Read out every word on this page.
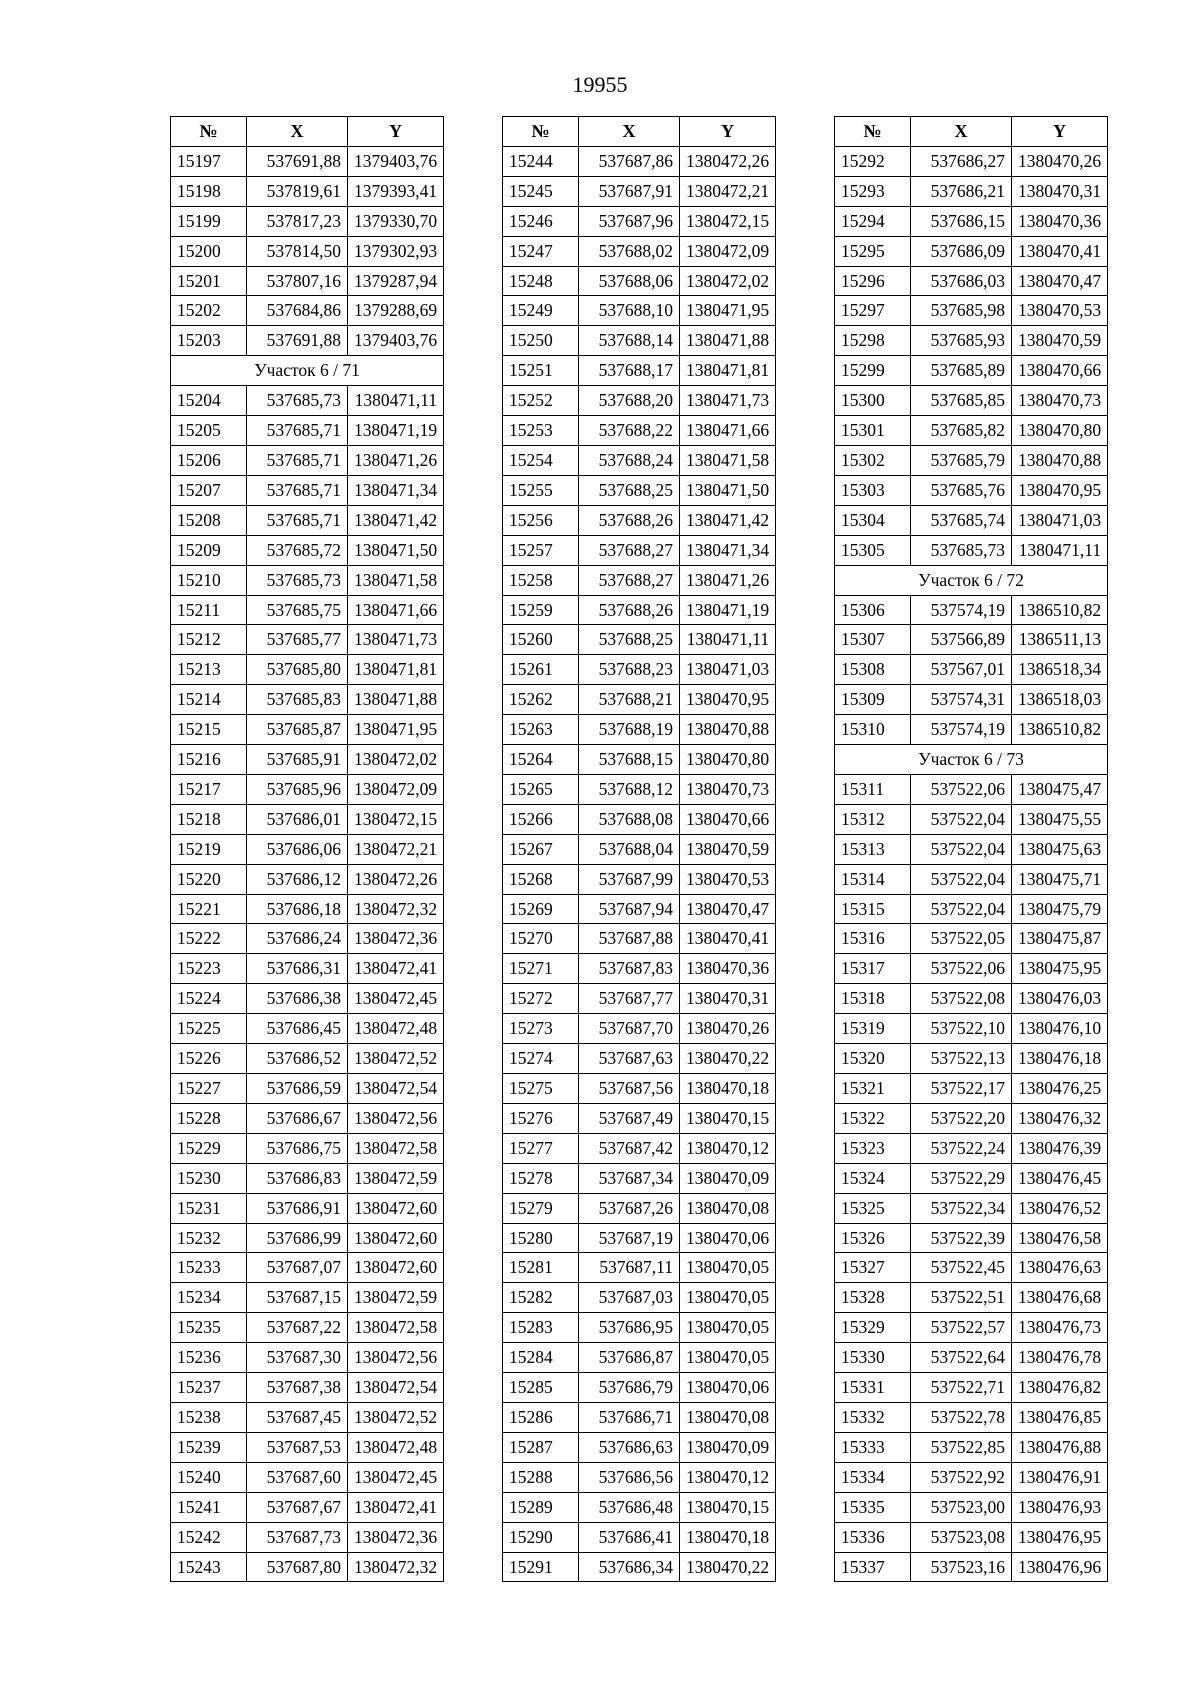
19955
№	X	Y
15197	537691,88	1379403,76
15198	537819,61	1379393,41
15199	537817,23	1379330,70
15200	537814,50	1379302,93
15201	537807,16	1379287,94
15202	537684,86	1379288,69
15203	537691,88	1379403,76
Участок 6 / 71		
15204	537685,73	1380471,11
15205	537685,71	1380471,19
15206	537685,71	1380471,26
15207	537685,71	1380471,34
15208	537685,71	1380471,42
15209	537685,72	1380471,50
15210	537685,73	1380471,58
15211	537685,75	1380471,66
15212	537685,77	1380471,73
15213	537685,80	1380471,81
15214	537685,83	1380471,88
15215	537685,87	1380471,95
15216	537685,91	1380472,02
15217	537685,96	1380472,09
15218	537686,01	1380472,15
15219	537686,06	1380472,21
15220	537686,12	1380472,26
15221	537686,18	1380472,32
15222	537686,24	1380472,36
15223	537686,31	1380472,41
15224	537686,38	1380472,45
15225	537686,45	1380472,48
15226	537686,52	1380472,52
15227	537686,59	1380472,54
15228	537686,67	1380472,56
15229	537686,75	1380472,58
15230	537686,83	1380472,59
15231	537686,91	1380472,60
15232	537686,99	1380472,60
15233	537687,07	1380472,60
15234	537687,15	1380472,59
15235	537687,22	1380472,58
15236	537687,30	1380472,56
15237	537687,38	1380472,54
15238	537687,45	1380472,52
15239	537687,53	1380472,48
15240	537687,60	1380472,45
15241	537687,67	1380472,41
15242	537687,73	1380472,36
15243	537687,80	1380472,32
№	X	Y
15244	537687,86	1380472,26
15245	537687,91	1380472,21
15246	537687,96	1380472,15
15247	537688,02	1380472,09
15248	537688,06	1380472,02
15249	537688,10	1380471,95
15250	537688,14	1380471,88
15251	537688,17	1380471,81
15252	537688,20	1380471,73
15253	537688,22	1380471,66
15254	537688,24	1380471,58
15255	537688,25	1380471,50
15256	537688,26	1380471,42
15257	537688,27	1380471,34
15258	537688,27	1380471,26
15259	537688,26	1380471,19
15260	537688,25	1380471,11
15261	537688,23	1380471,03
15262	537688,21	1380470,95
15263	537688,19	1380470,88
15264	537688,15	1380470,80
15265	537688,12	1380470,73
15266	537688,08	1380470,66
15267	537688,04	1380470,59
15268	537687,99	1380470,53
15269	537687,94	1380470,47
15270	537687,88	1380470,41
15271	537687,83	1380470,36
15272	537687,77	1380470,31
15273	537687,70	1380470,26
15274	537687,63	1380470,22
15275	537687,56	1380470,18
15276	537687,49	1380470,15
15277	537687,42	1380470,12
15278	537687,34	1380470,09
15279	537687,26	1380470,08
15280	537687,19	1380470,06
15281	537687,11	1380470,05
15282	537687,03	1380470,05
15283	537686,95	1380470,05
15284	537686,87	1380470,05
15285	537686,79	1380470,06
15286	537686,71	1380470,08
15287	537686,63	1380470,09
15288	537686,56	1380470,12
15289	537686,48	1380470,15
15290	537686,41	1380470,18
15291	537686,34	1380470,22
№	X	Y
15292	537686,27	1380470,26
15293	537686,21	1380470,31
15294	537686,15	1380470,36
15295	537686,09	1380470,41
15296	537686,03	1380470,47
15297	537685,98	1380470,53
15298	537685,93	1380470,59
15299	537685,89	1380470,66
15300	537685,85	1380470,73
15301	537685,82	1380470,80
15302	537685,79	1380470,88
15303	537685,76	1380470,95
15304	537685,74	1380471,03
15305	537685,73	1380471,11
Участок 6 / 72		
15306	537574,19	1386510,82
15307	537566,89	1386511,13
15308	537567,01	1386518,34
15309	537574,31	1386518,03
15310	537574,19	1386510,82
Участок 6 / 73		
15311	537522,06	1380475,47
15312	537522,04	1380475,55
15313	537522,04	1380475,63
15314	537522,04	1380475,71
15315	537522,04	1380475,79
15316	537522,05	1380475,87
15317	537522,06	1380475,95
15318	537522,08	1380476,03
15319	537522,10	1380476,10
15320	537522,13	1380476,18
15321	537522,17	1380476,25
15322	537522,20	1380476,32
15323	537522,24	1380476,39
15324	537522,29	1380476,45
15325	537522,34	1380476,52
15326	537522,39	1380476,58
15327	537522,45	1380476,63
15328	537522,51	1380476,68
15329	537522,57	1380476,73
15330	537522,64	1380476,78
15331	537522,71	1380476,82
15332	537522,78	1380476,85
15333	537522,85	1380476,88
15334	537522,92	1380476,91
15335	537523,00	1380476,93
15336	537523,08	1380476,95
15337	537523,16	1380476,96
